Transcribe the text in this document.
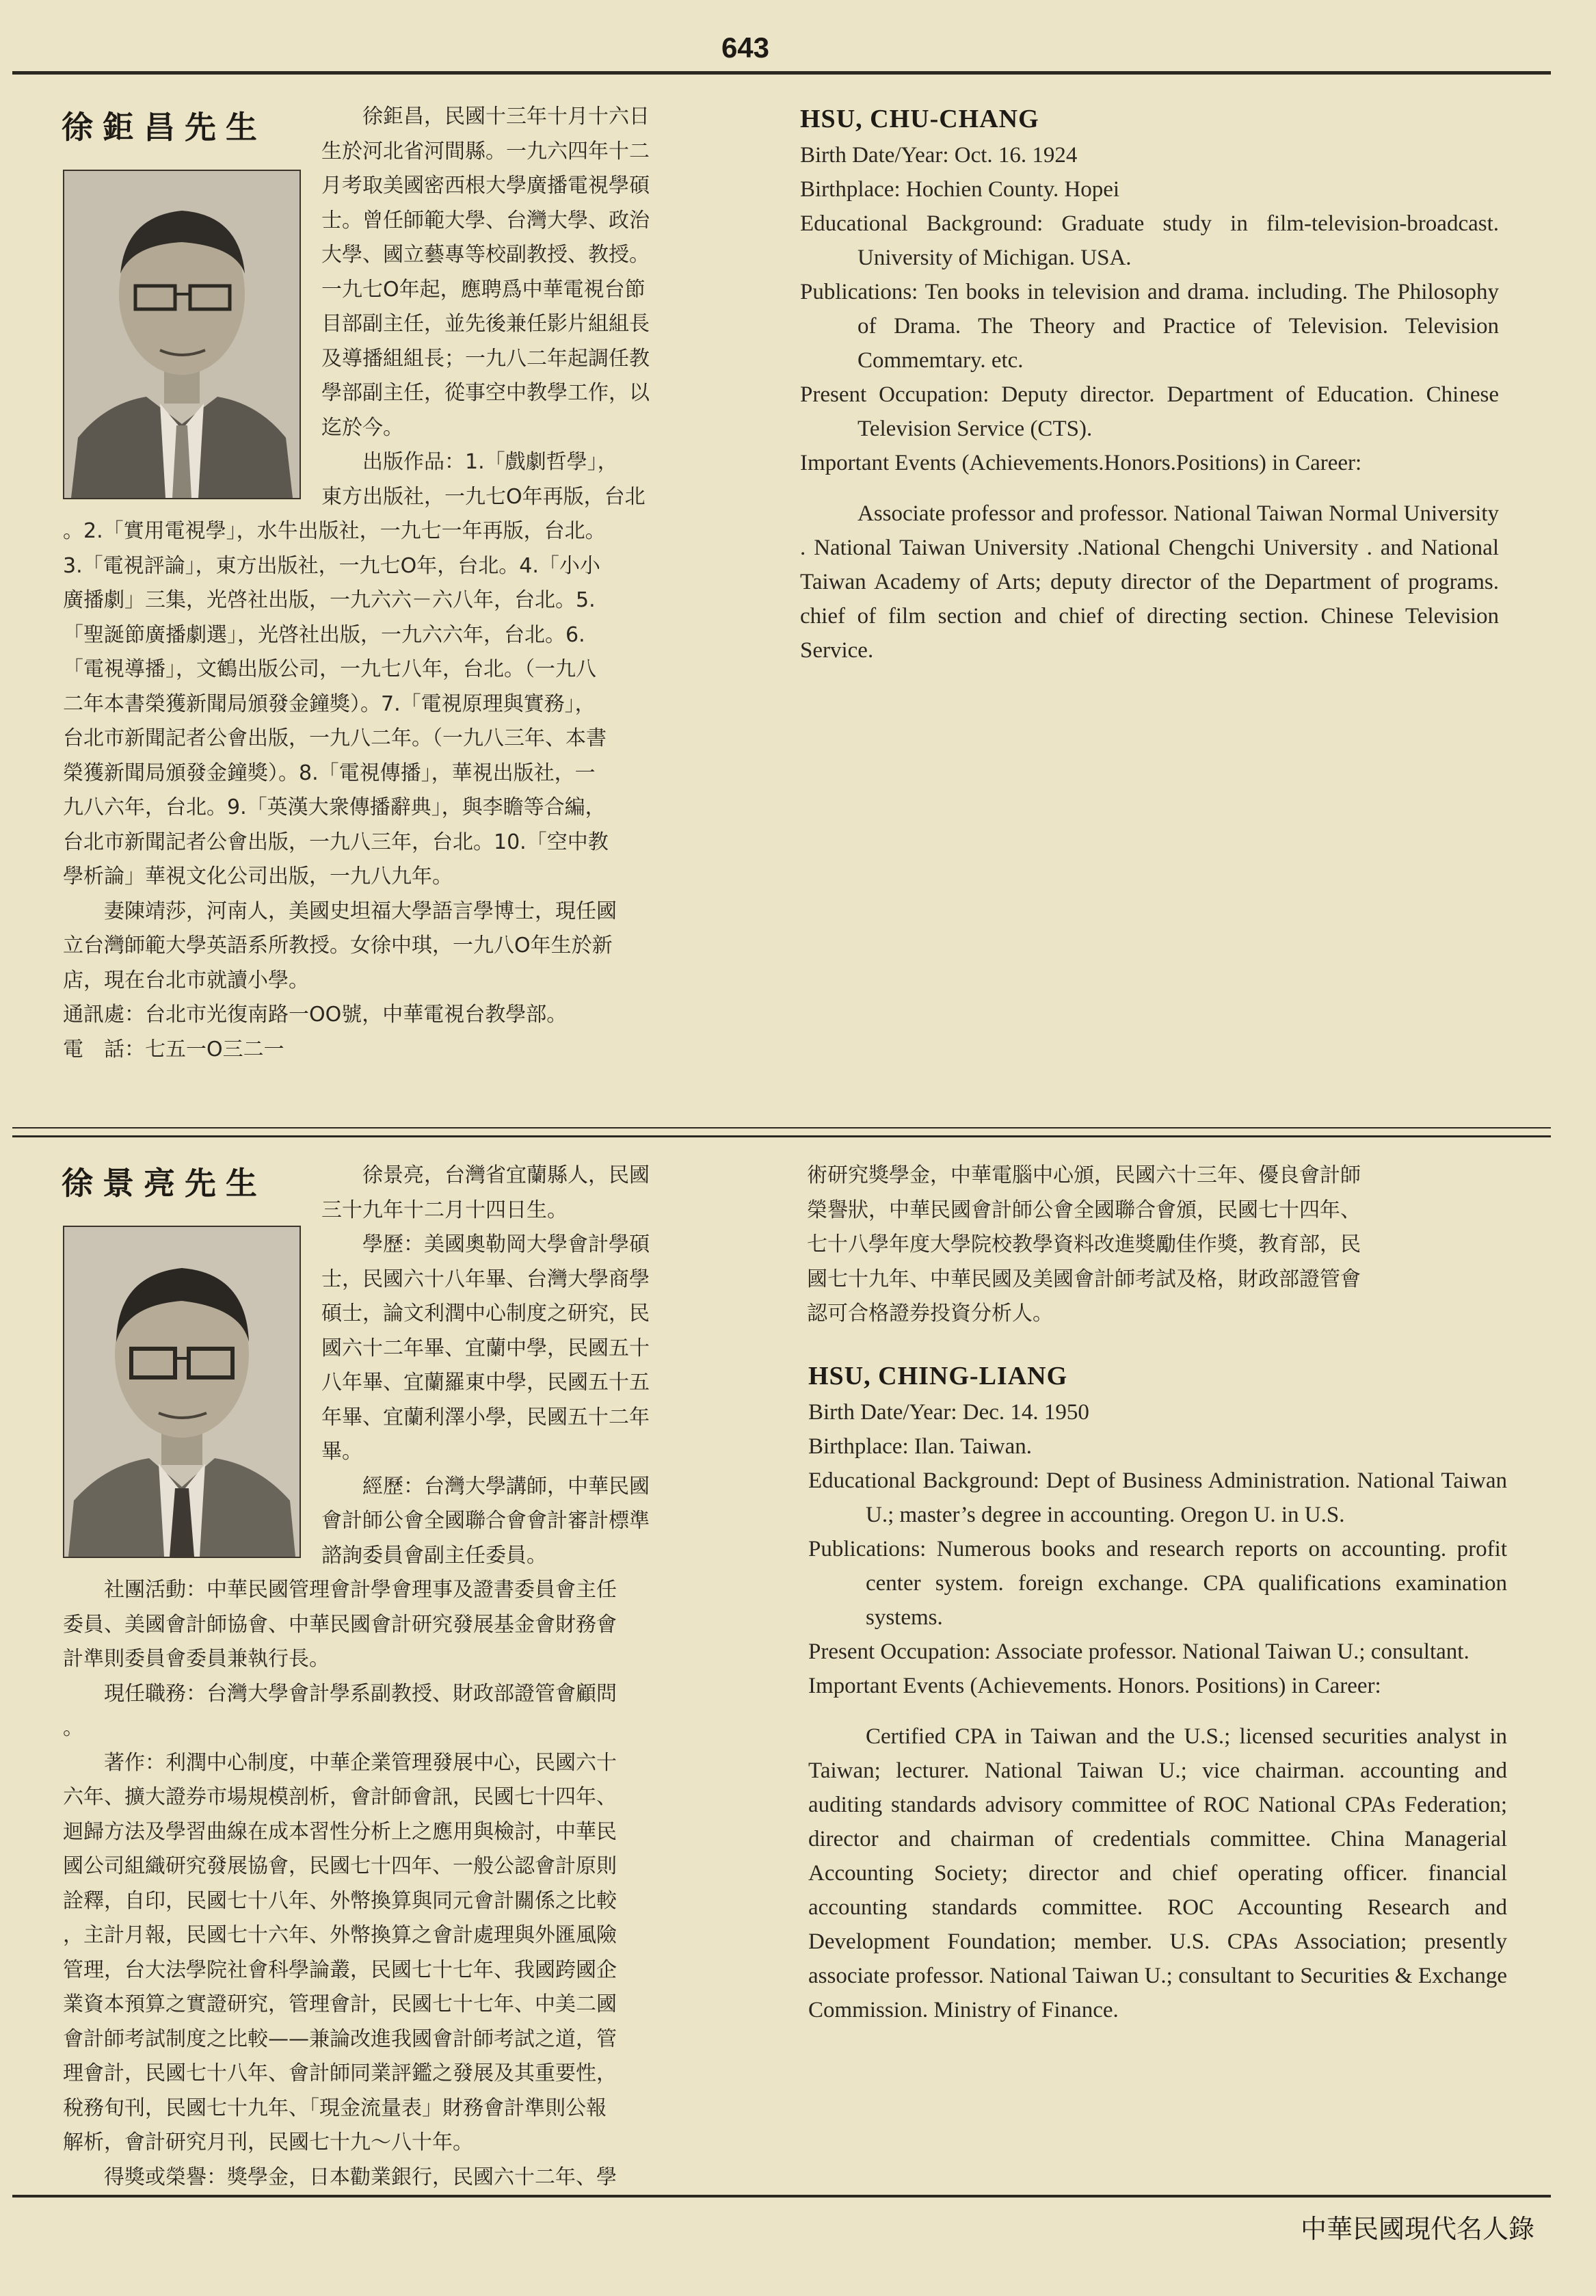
643
徐鉅昌先生	　　徐鉅昌，民國十三年十月十六日

生於河北省河間縣。一九六四年十二

月考取美國密西根大學廣播電視學碩

士。曾任師範大學、台灣大學、政治

大學、國立藝專等校副教授、教授。

一九七O年起，應聘爲中華電視台節

目部副主任，並先後兼任影片組組長

及導播組組長；一九八二年起調任教

學部副主任，從事空中教學工作，以

迄於今。

　　出版作品：1.「戲劇哲學」，

東方出版社，一九七O年再版，台北

。2.「實用電視學」，水牛出版社，一九七一年再版，台北。

3.「電視評論」，東方出版社，一九七O年，台北。4.「小小

廣播劇」三集，光啓社出版，一九六六－六八年，台北。5.

「聖誕節廣播劇選」，光啓社出版，一九六六年，台北。6.

「電視導播」，文鶴出版公司，一九七八年，台北。（一九八

二年本書榮獲新聞局頒發金鐘獎）。7.「電視原理與實務」，

台北市新聞記者公會出版，一九八二年。（一九八三年、本書

榮獲新聞局頒發金鐘獎）。8.「電視傳播」，華視出版社，一

九八六年，台北。9.「英漢大衆傳播辭典」，與李瞻等合編，

台北市新聞記者公會出版，一九八三年，台北。10.「空中教

學析論」華視文化公司出版，一九八九年。

　　妻陳靖莎，河南人，美國史坦福大學語言學博士，現任國

立台灣師範大學英語系所教授。女徐中琪，一九八O年生於新

店，現在台北市就讀小學。

通訊處：台北市光復南路一OO號，中華電視台教學部。

電　話：七五一O三二一

HSU, CHU-CHANG

Birth Date/Year: Oct. 16. 1924

Birthplace: Hochien County. Hopei

Educational Background: Graduate study in film-television-broadcast. University of Michigan. USA.

Publications: Ten books in television and drama. including. The Philosophy of Drama. The Theory and Practice of Television. Television Commemtary. etc.

Present Occupation: Deputy director. Department of Education. Chinese Television Service (CTS).

Important Events (Achievements.Honors.Positions) in Career:

Associate professor and professor. National Taiwan Normal University . National Taiwan University .National Chengchi University . and National Taiwan Academy of Arts; deputy director of the Department of programs. chief of film section and chief of directing section. Chinese Television Service.

徐景亮先生	　　徐景亮，台灣省宜蘭縣人，民國

三十九年十二月十四日生。

　　學歷：美國奧勒岡大學會計學碩

士，民國六十八年畢、台灣大學商學

碩士，論文利潤中心制度之研究，民

國六十二年畢、宜蘭中學，民國五十

八年畢、宜蘭羅東中學，民國五十五

年畢、宜蘭利澤小學，民國五十二年

畢。

　　經歷：台灣大學講師，中華民國

會計師公會全國聯合會會計審計標準

諮詢委員會副主任委員。

　　社團活動：中華民國管理會計學會理事及證書委員會主任

委員、美國會計師協會、中華民國會計研究發展基金會財務會

計準則委員會委員兼執行長。

　　現任職務：台灣大學會計學系副教授、財政部證管會顧問

。

　　著作：利潤中心制度，中華企業管理發展中心，民國六十

六年、擴大證券市場規模剖析，會計師會訊，民國七十四年、

迴歸方法及學習曲線在成本習性分析上之應用與檢討，中華民

國公司組織研究發展協會，民國七十四年、一般公認會計原則

詮釋，自印，民國七十八年、外幣換算與同元會計關係之比較

，主計月報，民國七十六年、外幣換算之會計處理與外匯風險

管理，台大法學院社會科學論叢，民國七十七年、我國跨國企

業資本預算之實證研究，管理會計，民國七十七年、中美二國

會計師考試制度之比較——兼論改進我國會計師考試之道，管

理會計，民國七十八年、會計師同業評鑑之發展及其重要性，

稅務旬刊，民國七十九年、「現金流量表」財務會計準則公報

解析，會計研究月刊，民國七十九～八十年。

　　得獎或榮譽：獎學金，日本勸業銀行，民國六十二年、學

術研究獎學金，中華電腦中心頒，民國六十三年、優良會計師

榮譽狀，中華民國會計師公會全國聯合會頒，民國七十四年、

七十八學年度大學院校教學資料改進獎勵佳作獎，教育部，民

國七十九年、中華民國及美國會計師考試及格，財政部證管會

認可合格證券投資分析人。

HSU, CHING-LIANG

Birth Date/Year: Dec. 14. 1950

Birthplace: Ilan. Taiwan.

Educational Background: Dept of Business Administration. National Taiwan U.; master’s degree in accounting. Oregon U. in U.S.

Publications: Numerous books and research reports on accounting. profit center system. foreign exchange. CPA qualifications examination systems.

Present Occupation: Associate professor. National Taiwan U.; consultant.

Important Events (Achievements. Honors. Positions) in Career:

Certified CPA in Taiwan and the U.S.; licensed securities analyst in Taiwan; lecturer. National Taiwan U.; vice chairman. accounting and auditing standards advisory committee of ROC National CPAs Federation; director and chairman of credentials committee. China Managerial Accounting Society; director and chief operating officer. financial accounting standards committee. ROC Accounting Research and Development Foundation; member. U.S. CPAs Association; presently associate professor. National Taiwan U.; consultant to Securities & Exchange Commission. Ministry of Finance.

中華民國現代名人錄
